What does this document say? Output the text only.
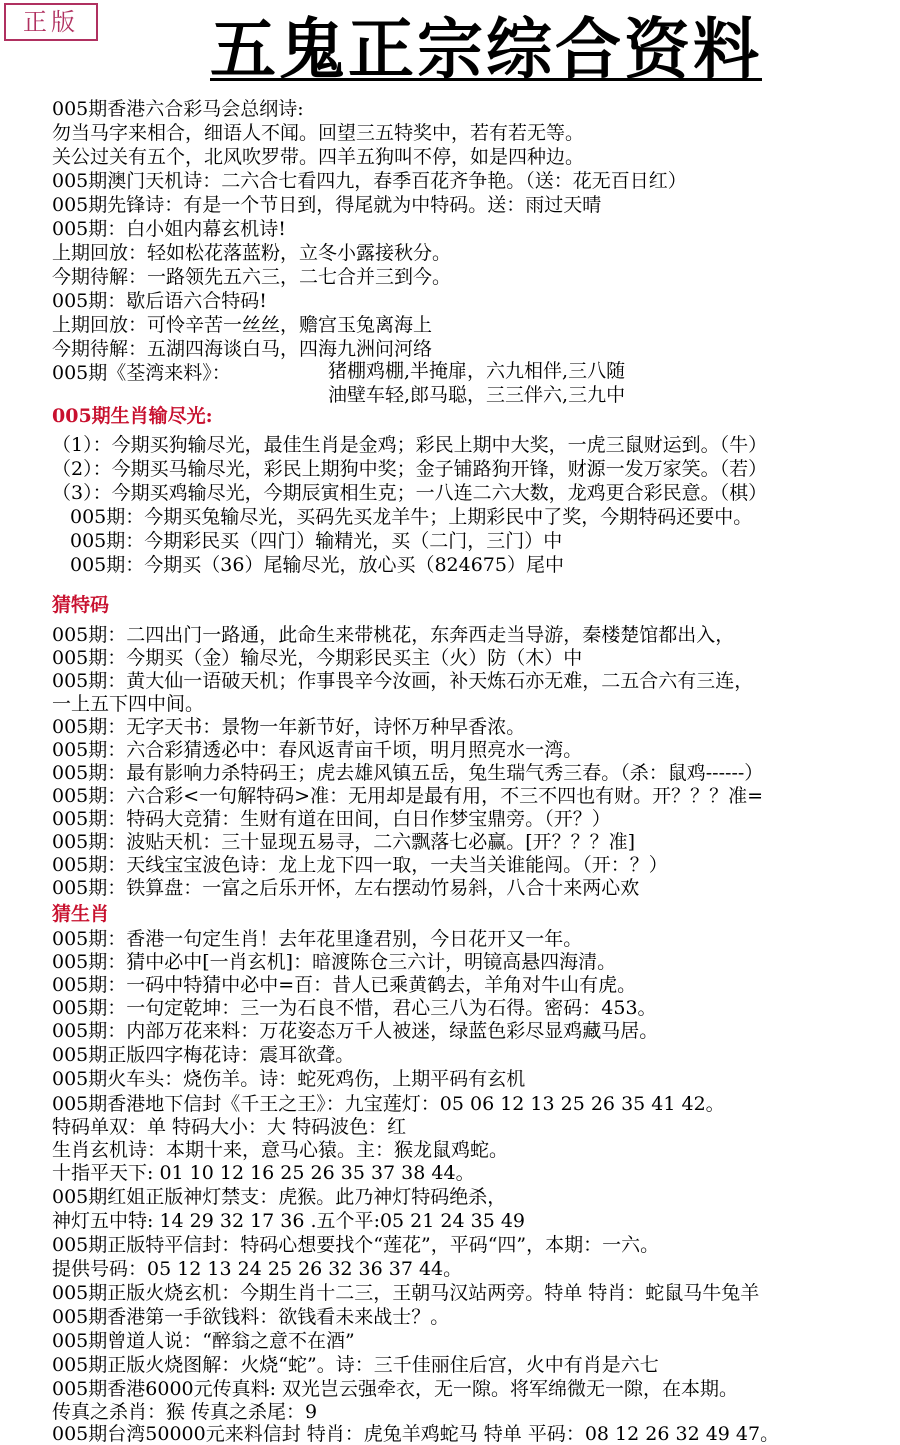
正版 五鬼正宗综合资料
005期香港六合彩马会总纲诗:
勿当马字来相合，细语人不闻。回望三五特奖中，若有若无等。
关公过关有五个，北风吹罗带。四羊五狗叫不停，如是四种边。
005期澳门天机诗：二六合七看四九，春季百花齐争艳。（送：花无百日红）
005期先锋诗：有是一个节日到，得尾就为中特码。送：雨过天晴
005期：白小姐内幕玄机诗!
上期回放：轻如松花落蓝粉，立冬小露接秋分。
今期待解：一路领先五六三，二七合并三到今。
005期：歇后语六合特码!
上期回放：可怜辛苦一丝丝，赡宫玉兔离海上
今期待解：五湖四海谈白马，四海九洲问河络
005期《荃湾来料》：	猪棚鸡棚,半掩扉，六九相伴,三八随
油壁车轻,郎马聪，三三伴六,三九中
005期生肖输尽光:
（1）：今期买狗输尽光，最佳生肖是金鸡；彩民上期中大奖，一虎三鼠财运到。（牛）
（2）：今期买马输尽光，彩民上期狗中奖；金子铺路狗开锋，财源一发万家笑。（若）
（3）：今期买鸡输尽光，今期辰寅相生克；一八连二六大数，龙鸡更合彩民意。（棋）
005期：今期买兔输尽光，买码先买龙羊牛；上期彩民中了奖，今期特码还要中。
005期：今期彩民买（四门）输精光，买（二门，三门）中
005期：今期买（36）尾输尽光，放心买（824675）尾中
猜特码
005期：二四出门一路通，此命生来带桃花，东奔西走当导游，秦楼楚馆都出入，
005期：今期买（金）输尽光，今期彩民买主（火）防（木）中
005期：黄大仙一语破天机；作事畏辛今汝画，补天炼石亦无难，二五合六有三连，
一上五下四中间。
005期：无字天书：景物一年新节好，诗怀万种早香浓。
005期：六合彩猜透必中：春风返青亩千顷，明月照亮水一湾。
005期：最有影响力杀特码王；虎去雄风镇五岳，兔生瑞气秀三春。（杀：鼠鸡------）
005期：六合彩<一句解特码>准：无用却是最有用，不三不四也有财。开？？？准=
005期：特码大竞猜：生财有道在田间，白日作梦宝鼎旁。（开？）
005期：波贴天机：三十显现五易寻，二六飘落七必赢。[开？？？准]
005期：天线宝宝波色诗：龙上龙下四一取，一夫当关谁能闯。（开：？）
005期：铁算盘：一富之后乐开怀，左右摆动竹易斜，八合十来两心欢
猜生肖
005期：香港一句定生肖！去年花里逢君别，今日花开又一年。
005期：猜中必中[一肖玄机]：暗渡陈仓三六计，明镜高悬四海清。
005期：一码中特猜中必中=百：昔人已乘黄鹤去，羊角对牛山有虎。
005期：一句定乾坤：三一为石良不惜，君心三八为石得。密码：453。
005期：内部万花来料：万花姿态万千人被迷，绿蓝色彩尽显鸡藏马居。
005期正版四字梅花诗：震耳欲聋。
005期火车头：烧伤羊。诗：蛇死鸡伤，上期平码有玄机
005期香港地下信封《千王之王》：九宝莲灯：05 06 12 13 25 26 35 41 42。
特码单双：单 特码大小：大 特码波色：红
生肖玄机诗：本期十来，意马心猿。主：猴龙鼠鸡蛇。
十指平天下: 01 10 12 16 25 26 35 37 38 44。
005期红姐正版神灯禁支：虎猴。此乃神灯特码绝杀，
神灯五中特: 14 29 32 17 36 .五个平:05 21 24 35 49
005期正版特平信封：特码心想要找个“莲花”，平码“四”，本期：一六。
提供号码：05 12 13 24 25 26 32 36 37 44。
005期正版火烧玄机：今期生肖十二三，王朝马汉站两旁。特单 特肖：蛇鼠马牛兔羊
005期香港第一手欲钱料：欲钱看未来战士？。
005期曾道人说：“醉翁之意不在酒”
005期正版火烧图解：火烧“蛇”。诗：三千佳丽住后宫，火中有肖是六七
005期香港6000元传真料: 双光岂云强牵衣，无一隙。将军绵微无一隙，在本期。
传真之杀肖：猴 传真之杀尾：9
005期台湾50000元来料信封 特肖：虎兔羊鸡蛇马 特单 平码：08 12 26 32 49 47。
